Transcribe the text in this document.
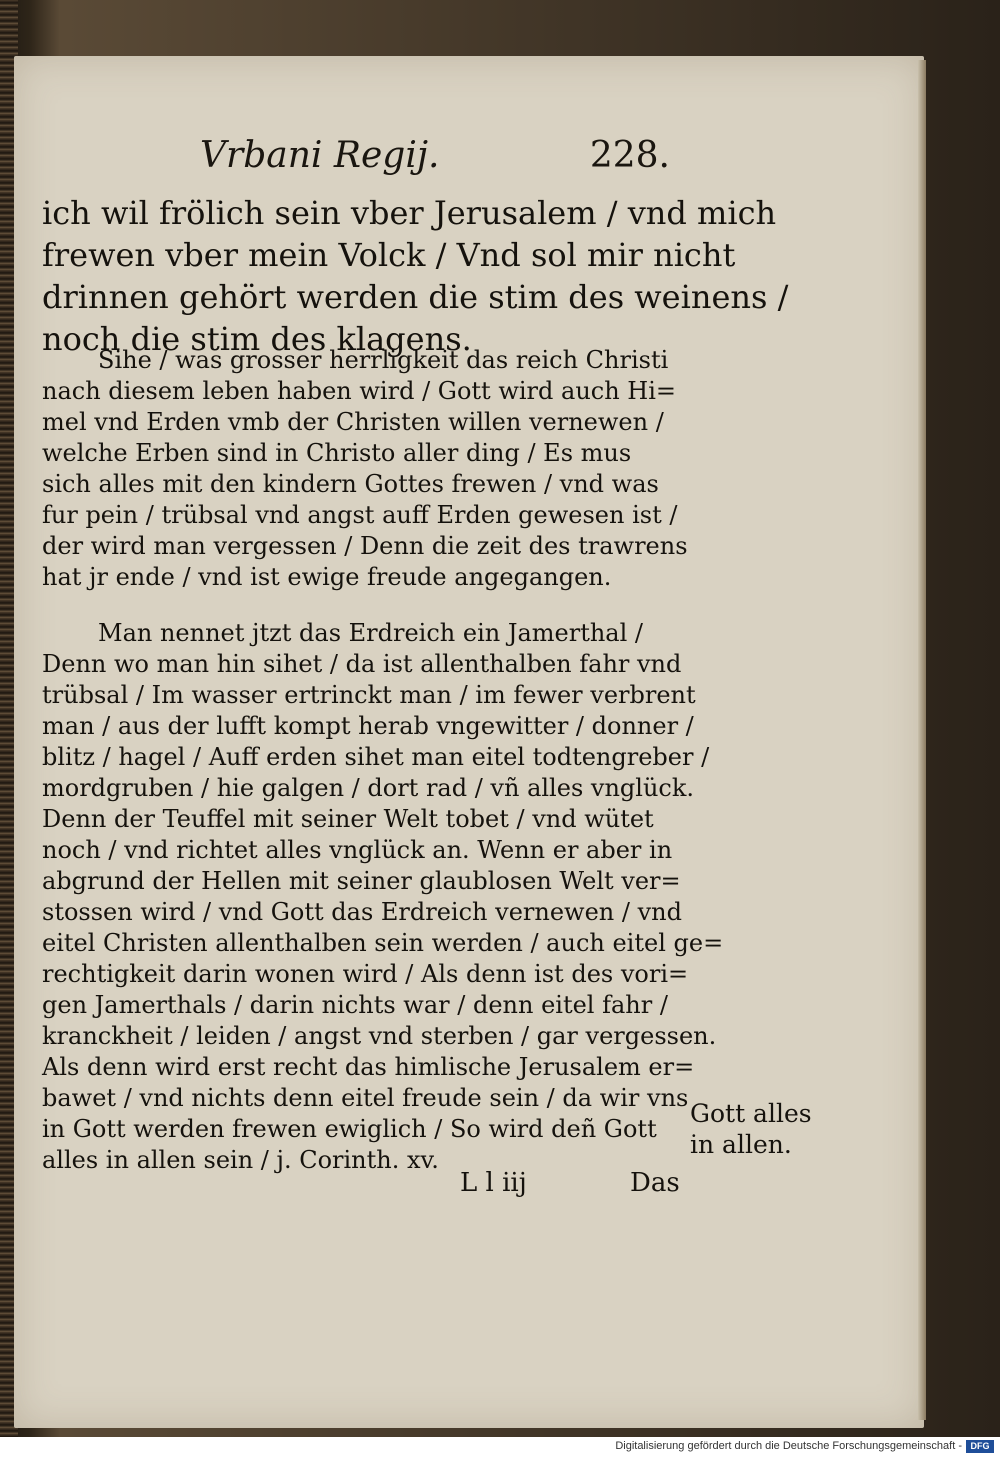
Vrbani Regij.	228.
ich wil frölich sein vber Jerusalem / vnd mich
frewen vber mein Volck / Vnd sol mir nicht
drinnen gehört werden die stim des weinens /
noch die stim des klagens.
Sihe / was grosser herrligkeit das reich Christi
nach diesem leben haben wird / Gott wird auch Hi=
mel vnd Erden vmb der Christen willen vernewen /
welche Erben sind in Christo aller ding / Es mus
sich alles mit den kindern Gottes frewen / vnd was
fur pein / trübsal vnd angst auff Erden gewesen ist /
der wird man vergessen / Denn die zeit des trawrens
hat jr ende / vnd ist ewige freude angegangen.
Man nennet jtzt das Erdreich ein Jamerthal /
Denn wo man hin sihet / da ist allenthalben fahr vnd
trübsal / Im wasser ertrinckt man / im fewer verbrent
man / aus der lufft kompt herab vngewitter / donner /
blitz / hagel / Auff erden sihet man eitel todtengreber /
mordgruben / hie galgen / dort rad / vñ alles vnglück.
Denn der Teuffel mit seiner Welt tobet / vnd wütet
noch / vnd richtet alles vnglück an. Wenn er aber in
abgrund der Hellen mit seiner glaublosen Welt ver=
stossen wird / vnd Gott das Erdreich vernewen / vnd
eitel Christen allenthalben sein werden / auch eitel ge=
rechtigkeit darin wonen wird / Als denn ist des vori=
gen Jamerthals / darin nichts war / denn eitel fahr /
kranckheit / leiden / angst vnd sterben / gar vergessen.
Als denn wird erst recht das himlische Jerusalem er=
bawet / vnd nichts denn eitel freude sein / da wir vns
in Gott werden frewen ewiglich / So wird deñ Gott
alles in allen sein / j. Corinth. xv.
Gott alles
in allen.
L l iij	Das
Digitalisierung gefördert durch die Deutsche Forschungsgemeinschaft - DFG
